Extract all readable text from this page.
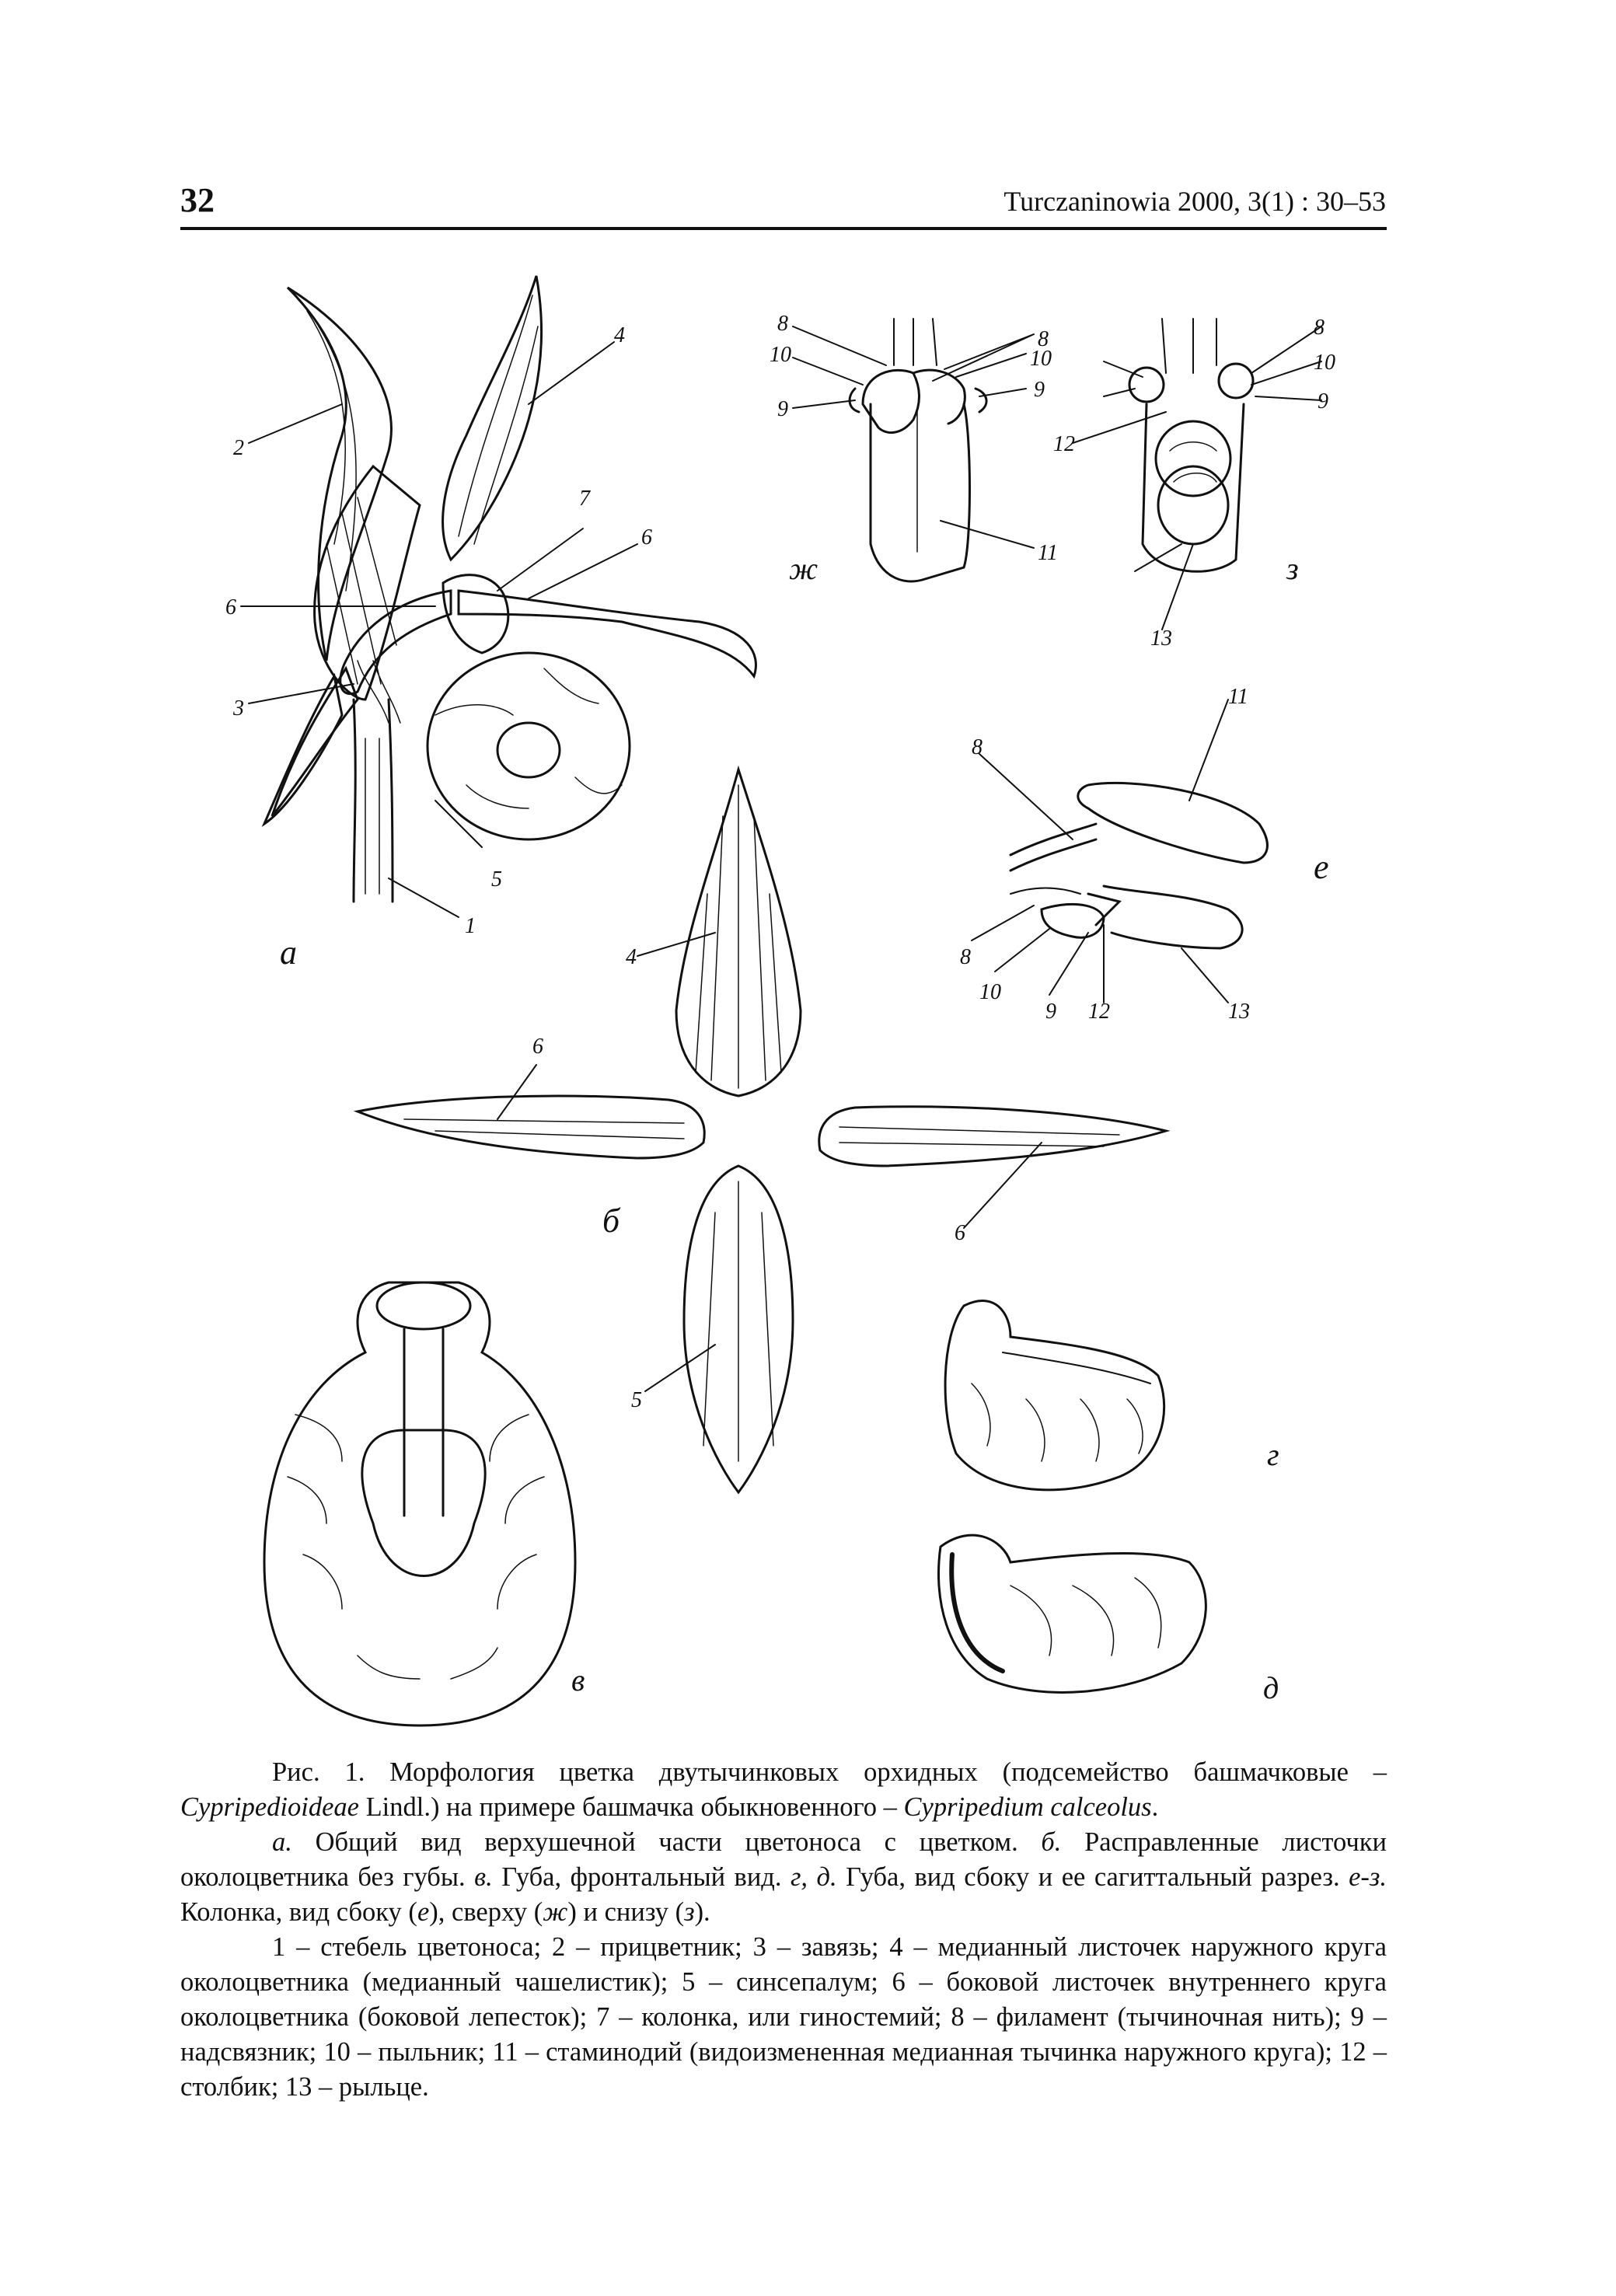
32	Turczaninowia 2000, 3(1) : 30–53
а
ж	з
е
б
г
в	д
2
3
4
7
6
6
5
1
8
10
9
8
10
9
11
8
10
9
12
13
8
11
8
10
9 12	13
4
6
6
5

Рис. 1. Морфология цветка двутычинковых орхидных (подсемейство башмачковые – Cypripedioideae Lindl.) на примере башмачка обыкновенного – Cypripedium calceolus.

а. Общий вид верхушечной части цветоноса с цветком. б. Расправленные листочки околоцветника без губы. в. Губа, фронтальный вид. г, д. Губа, вид сбоку и ее сагиттальный разрез. е-з. Колонка, вид сбоку (е), сверху (ж) и снизу (з).

1 – стебель цветоноса; 2 – прицветник; 3 – завязь; 4 – медианный листочек наружного круга околоцветника (медианный чашелистик); 5 – синсепалум; 6 – боковой листочек внутреннего круга околоцветника (боковой лепесток); 7 – колонка, или гиностемий; 8 – филамент (тычиночная нить); 9 – надсвязник; 10 – пыльник; 11 – стаминодий (видоизмененная медианная тычинка наружного круга); 12 – столбик; 13 – рыльце.
